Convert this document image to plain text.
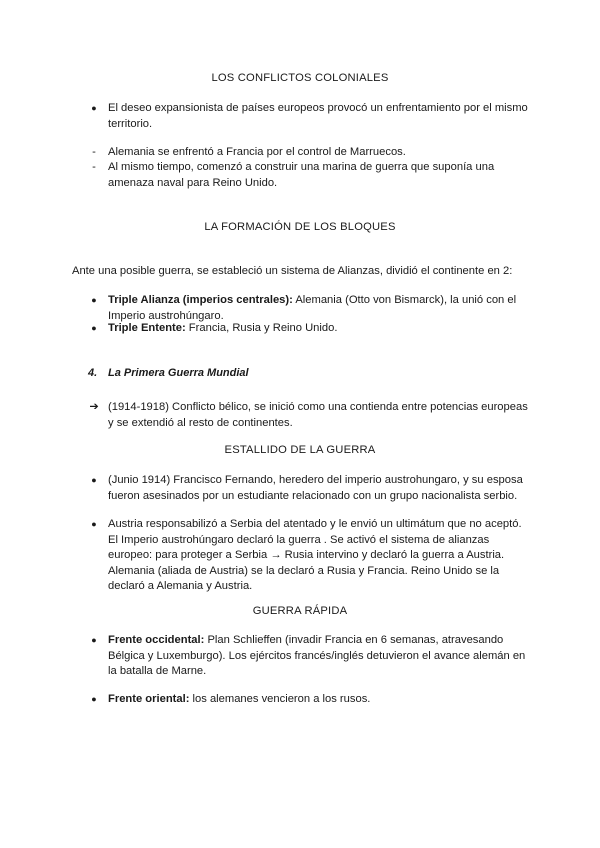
LOS CONFLICTOS COLONIALES
●	El deseo expansionista de países europeos provocó un enfrentamiento por el mismo territorio.
-	Alemania se enfrentó a Francia por el control de Marruecos.
-	Al mismo tiempo, comenzó a construir una marina de guerra que suponía una amenaza naval para Reino Unido.
LA FORMACIÓN DE LOS BLOQUES
Ante una posible guerra, se estableció un sistema de Alianzas, dividió el continente en 2:
●	Triple Alianza (imperios centrales): Alemania (Otto von Bismarck), la unió con el Imperio austrohúngaro.
●	Triple Entente: Francia, Rusia y Reino Unido.
4. La Primera Guerra Mundial
➔ (1914-1918) Conflicto bélico, se inició como una contienda entre potencias europeas y se extendió al resto de continentes.
ESTALLIDO DE LA GUERRA
●	(Junio 1914) Francisco Fernando, heredero del imperio austrohungaro, y su esposa fueron asesinados por un estudiante relacionado con un grupo nacionalista serbio.
●	Austria responsabilizó a Serbia del atentado y le envió un ultimátum que no aceptó. El Imperio austrohúngaro declaró la guerra . Se activó el sistema de alianzas europeo: para proteger a Serbia → Rusia intervino y declaró la guerra a Austria. Alemania (aliada de Austria) se la declaró a Rusia y Francia. Reino Unido se la declaró a Alemania y Austria.
GUERRA RÁPIDA
●	Frente occidental: Plan Schlieffen (invadir Francia en 6 semanas, atravesando Bélgica y Luxemburgo). Los ejércitos francés/inglés detuvieron el avance alemán en la batalla de Marne.
●	Frente oriental: los alemanes vencieron a los rusos.
